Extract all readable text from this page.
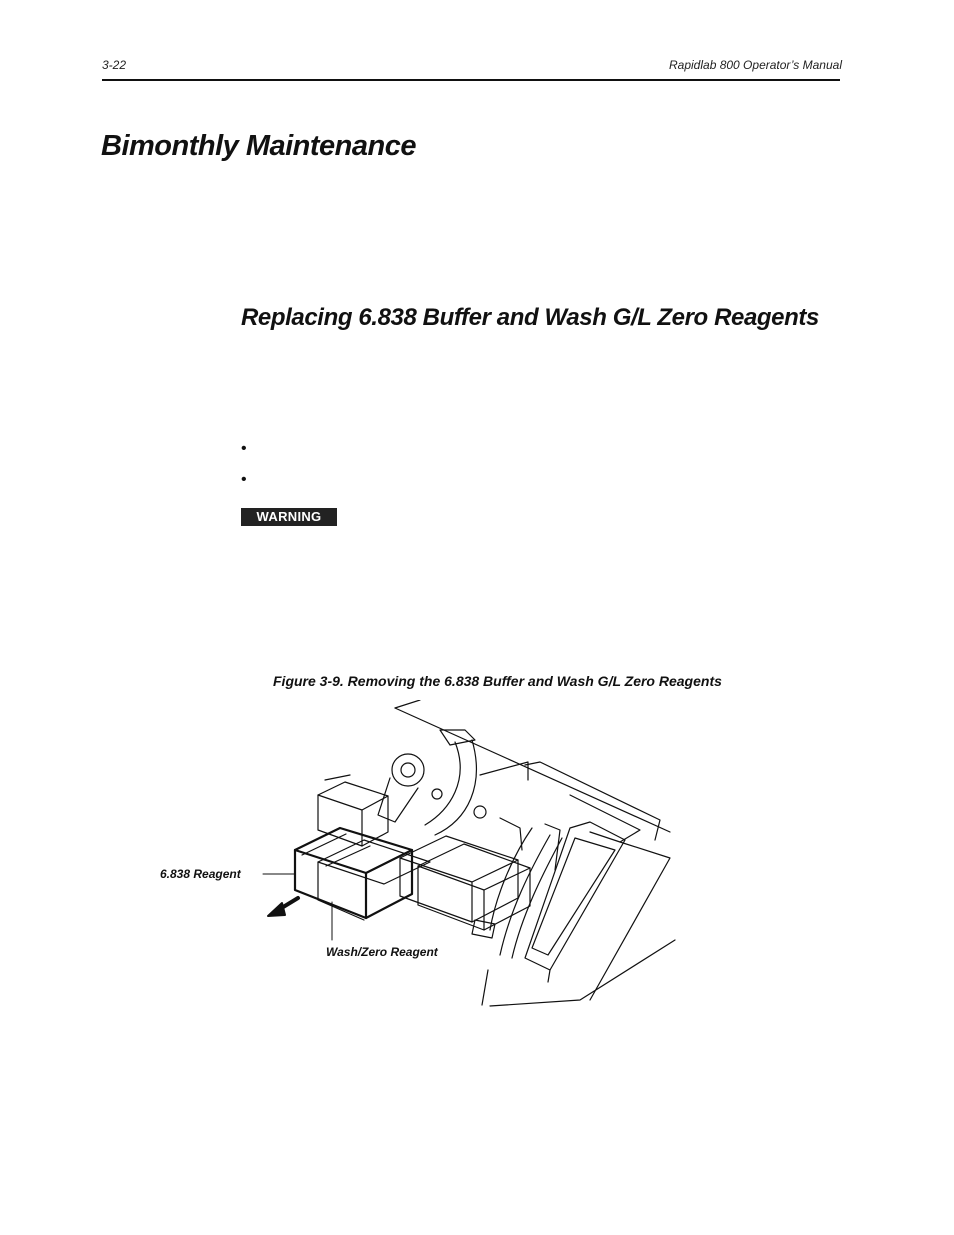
3-22	Rapidlab 800 Operator’s Manual
Bimonthly Maintenance
Replacing 6.838 Buffer and Wash G/L Zero Reagents
•
•
WARNING
Figure 3-9. Removing the 6.838 Buffer and Wash G/L Zero Reagents
6.838 Reagent
Wash/Zero Reagent
